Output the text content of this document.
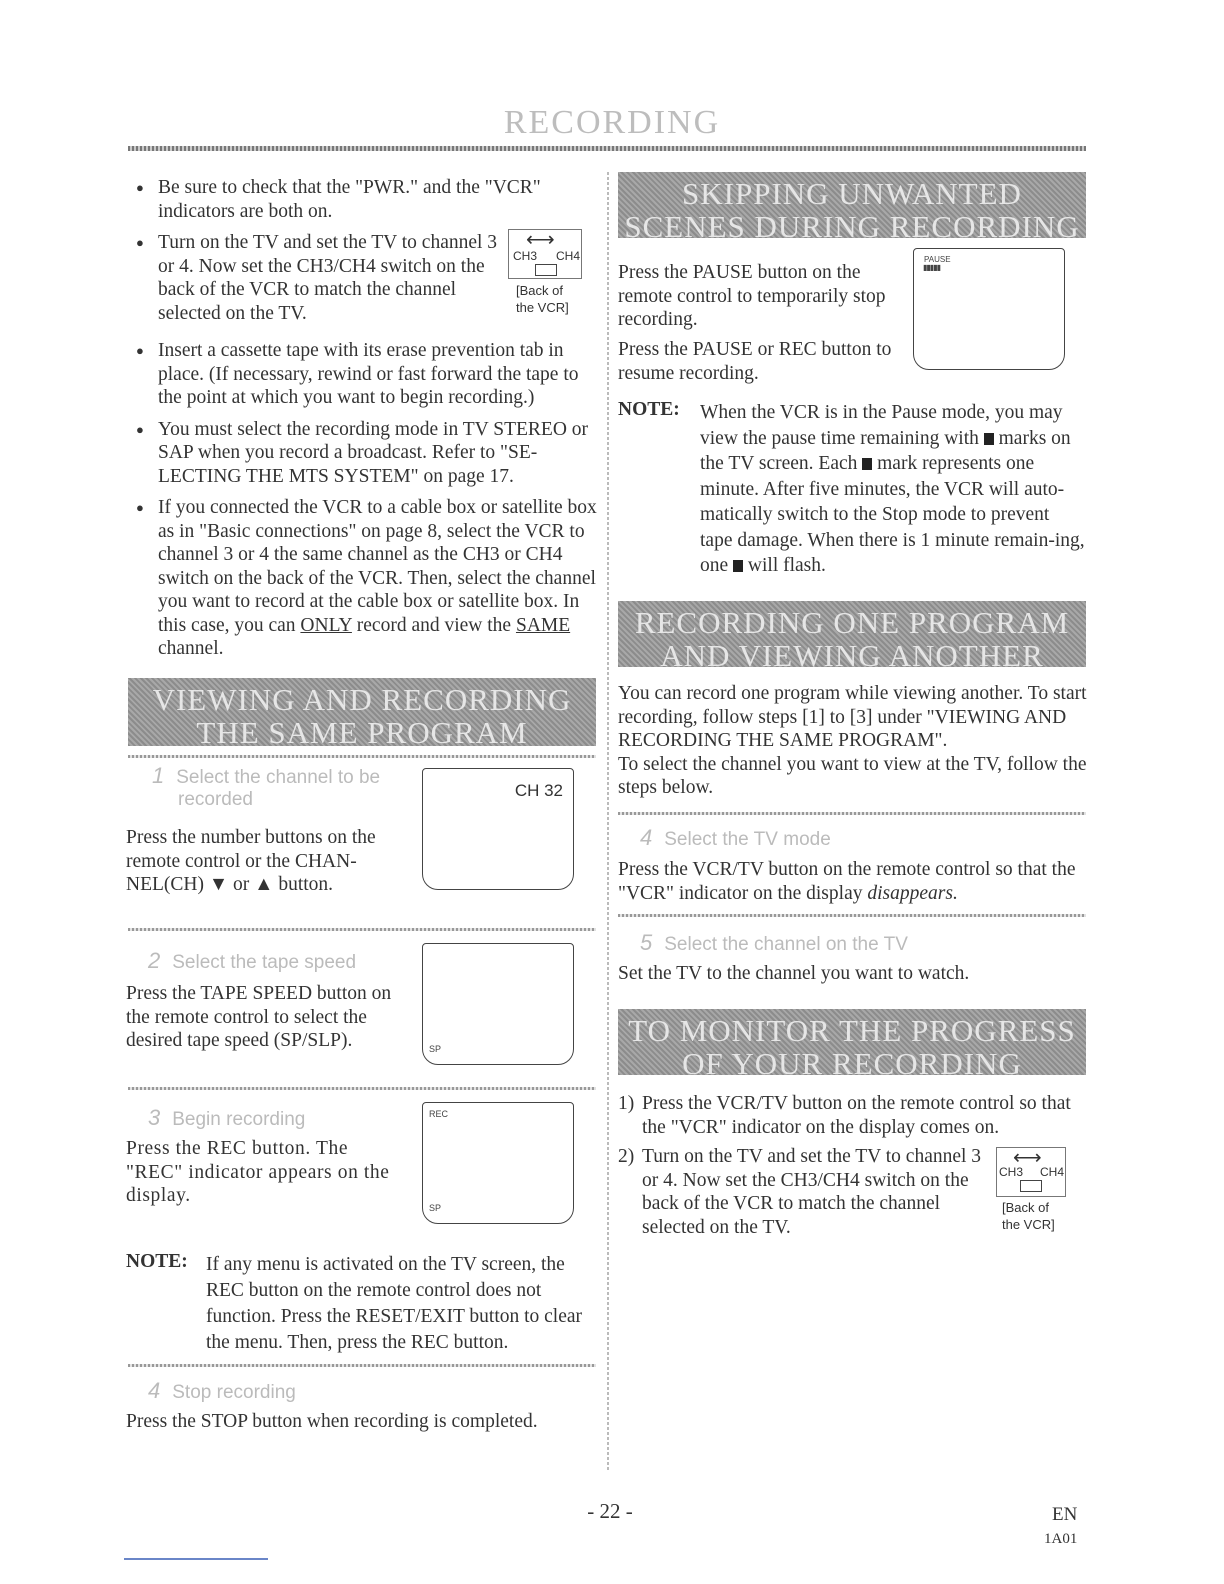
RECORDING
● Be sure to check that the "PWR." and the "VCR" indicators are both on.
● Turn on the TV and set the TV to channel 3 or 4. Now set the CH3/CH4 switch on the back of the VCR to match the channel selected on the TV.
● Insert a cassette tape with its erase prevention tab in place. (If necessary, rewind or fast forward the tape to the point at which you want to begin recording.)
● You must select the recording mode in TV STEREO or SAP when you record a broadcast. Refer to "SE-LECTING THE MTS SYSTEM" on page 17.
● If you connected the VCR to a cable box or satellite box as in "Basic connections" on page 8, select the VCR to channel 3 or 4 the same channel as the CH3 or CH4 switch on the back of the VCR. Then, select the channel you want to record at the cable box or satellite box. In this case, you can ONLY record and view the SAME channel.
⟷
CH3 CH4
[Back of
the VCR]
VIEWING AND RECORDING
THE SAME PROGRAM
1 Select the channel to be
recorded
Press the number buttons on the remote control or the CHAN-NEL(CH) ▼ or ▲ button.
CH 32
2 Select the tape speed
Press the TAPE SPEED button on the remote control to select the desired tape speed (SP/SLP).	SP
3 Begin recording
Press the REC button. The "REC" indicator appears on the display.
REC
SP
NOTE: If any menu is activated on the TV screen, the REC button on the remote control does not function. Press the RESET/EXIT button to clear the menu. Then, press the REC button.
4 Stop recording
Press the STOP button when recording is completed.
SKIPPING UNWANTED
SCENES DURING RECORDING
Press the PAUSE button on the remote control to temporarily stop recording.
Press the PAUSE or REC button to resume recording.
PAUSE
▮▮▮▮▮
NOTE: When the VCR is in the Pause mode, you may view the pause time remaining with marks on the TV screen. Each mark represents one minute. After five minutes, the VCR will auto-matically switch to the Stop mode to prevent tape damage. When there is 1 minute remain-ing, one will flash.
RECORDING ONE PROGRAM
AND VIEWING ANOTHER
You can record one program while viewing another. To start recording, follow steps [1] to [3] under "VIEWING AND RECORDING THE SAME PROGRAM".
To select the channel you want to view at the TV, follow the steps below.
4 Select the TV mode
Press the VCR/TV button on the remote control so that the "VCR" indicator on the display disappears.
5 Select the channel on the TV
Set the TV to the channel you want to watch.
TO MONITOR THE PROGRESS
OF YOUR RECORDING
1) Press the VCR/TV button on the remote control so that the "VCR" indicator on the display comes on.
2) Turn on the TV and set the TV to channel 3 or 4. Now set the CH3/CH4 switch on the back of the VCR to match the channel selected on the TV.
⟷
CH3 CH4
[Back of
the VCR]
- 22 -	EN
1A01
